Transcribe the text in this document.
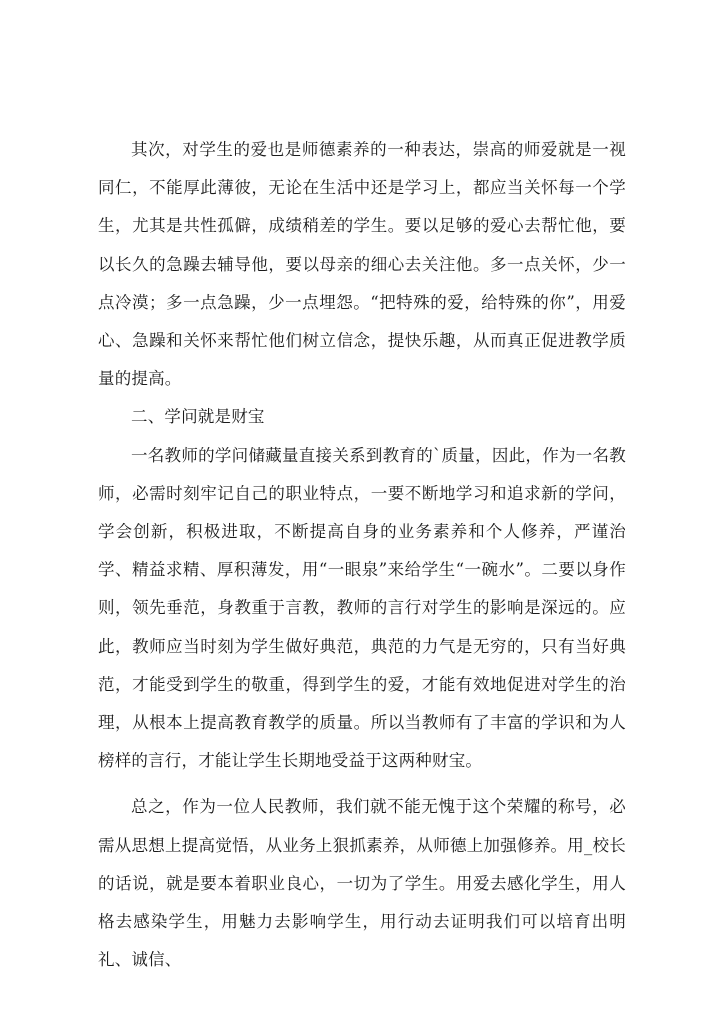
其次，对学生的爱也是师德素养的一种表达，崇高的师爱就是一视同仁，不能厚此薄彼，无论在生活中还是学习上，都应当关怀每一个学生，尤其是共性孤僻，成绩稍差的学生。要以足够的爱心去帮忙他，要以长久的急躁去辅导他，要以母亲的细心去关注他。多一点关怀，少一点冷漠；多一点急躁，少一点埋怨。“把特殊的爱，给特殊的你”，用爱心、急躁和关怀来帮忙他们树立信念，提快乐趣，从而真正促进教学质量的提高。

二、学问就是财宝

一名教师的学问储藏量直接关系到教育的`质量，因此，作为一名教师，必需时刻牢记自己的职业特点，一要不断地学习和追求新的学问，学会创新，积极进取，不断提高自身的业务素养和个人修养，严谨治学、精益求精、厚积薄发，用“一眼泉”来给学生“一碗水”。二要以身作则，领先垂范，身教重于言教，教师的言行对学生的影响是深远的。应此，教师应当时刻为学生做好典范，典范的力气是无穷的，只有当好典范，才能受到学生的敬重，得到学生的爱，才能有效地促进对学生的治理，从根本上提高教育教学的质量。所以当教师有了丰富的学识和为人榜样的言行，才能让学生长期地受益于这两种财宝。

总之，作为一位人民教师，我们就不能无愧于这个荣耀的称号，必需从思想上提高觉悟，从业务上狠抓素养，从师德上加强修养。用_校长的话说，就是要本着职业良心，一切为了学生。用爱去感化学生，用人格去感染学生，用魅力去影响学生，用行动去证明我们可以培育出明礼、诚信、
